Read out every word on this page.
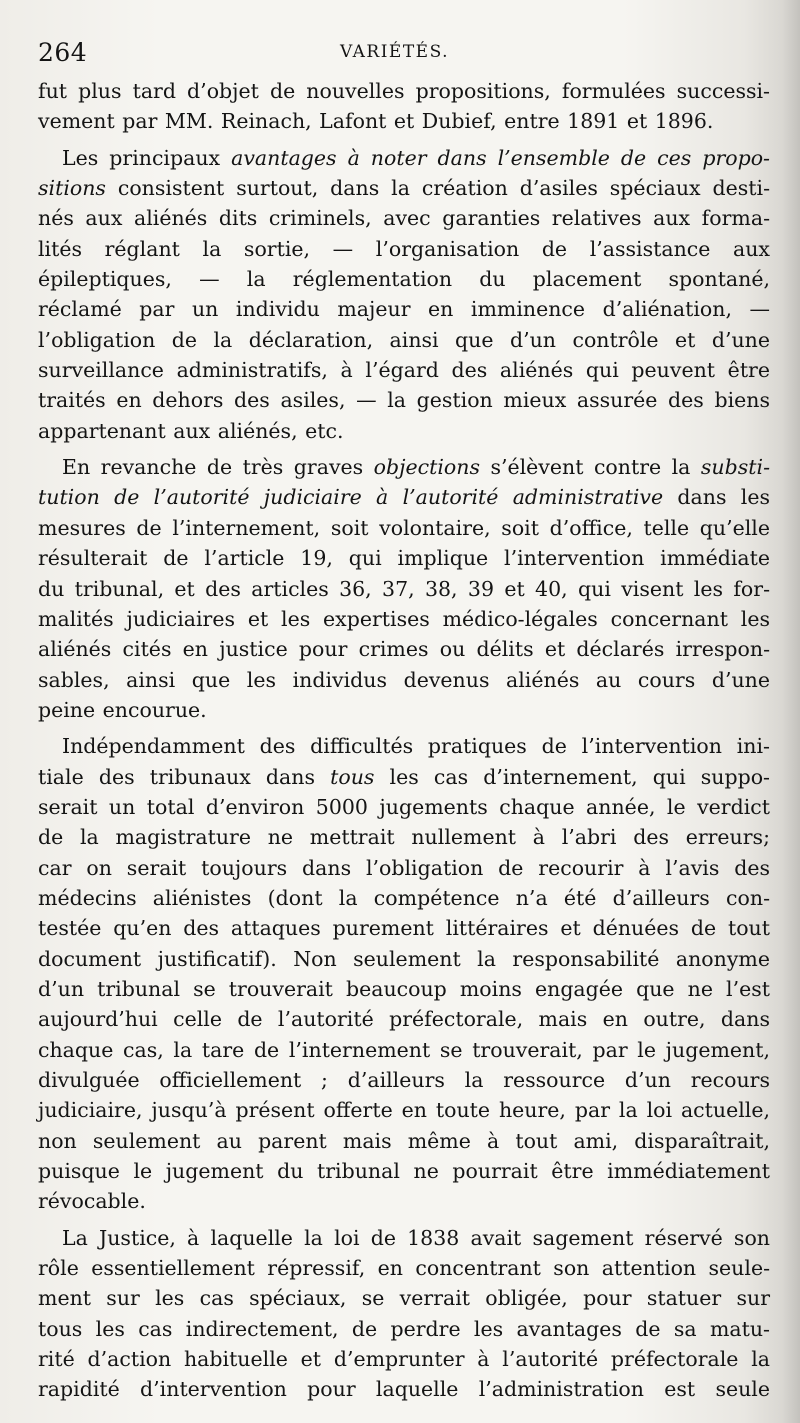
264	VARIÉTÉS.
fut plus tard d’objet de nouvelles propositions, formulées successi-
vement par MM. Reinach, Lafont et Dubief, entre 1891 et 1896.
Les principaux avantages à noter dans l’ensemble de ces propo-
sitions consistent surtout, dans la création d’asiles spéciaux desti-
nés aux aliénés dits criminels, avec garanties relatives aux forma-
lités réglant la sortie, — l’organisation de l’assistance aux
épileptiques, — la réglementation du placement spontané,
réclamé par un individu majeur en imminence d’aliénation, —
l’obligation de la déclaration, ainsi que d’un contrôle et d’une
surveillance administratifs, à l’égard des aliénés qui peuvent être
traités en dehors des asiles, — la gestion mieux assurée des biens
appartenant aux aliénés, etc.
En revanche de très graves objections s’élèvent contre la substi-
tution de l’autorité judiciaire à l’autorité administrative dans les
mesures de l’internement, soit volontaire, soit d’office, telle qu’elle
résulterait de l’article 19, qui implique l’intervention immédiate
du tribunal, et des articles 36, 37, 38, 39 et 40, qui visent les for-
malités judiciaires et les expertises médico-légales concernant les
aliénés cités en justice pour crimes ou délits et déclarés irrespon-
sables, ainsi que les individus devenus aliénés au cours d’une
peine encourue.
Indépendamment des difficultés pratiques de l’intervention ini-
tiale des tribunaux dans tous les cas d’internement, qui suppo-
serait un total d’environ 5000 jugements chaque année, le verdict
de la magistrature ne mettrait nullement à l’abri des erreurs;
car on serait toujours dans l’obligation de recourir à l’avis des
médecins aliénistes (dont la compétence n’a été d’ailleurs con-
testée qu’en des attaques purement littéraires et dénuées de tout
document justificatif). Non seulement la responsabilité anonyme
d’un tribunal se trouverait beaucoup moins engagée que ne l’est
aujourd’hui celle de l’autorité préfectorale, mais en outre, dans
chaque cas, la tare de l’internement se trouverait, par le jugement,
divulguée officiellement ; d’ailleurs la ressource d’un recours
judiciaire, jusqu’à présent offerte en toute heure, par la loi actuelle,
non seulement au parent mais même à tout ami, disparaîtrait,
puisque le jugement du tribunal ne pourrait être immédiatement
révocable.
La Justice, à laquelle la loi de 1838 avait sagement réservé son
rôle essentiellement répressif, en concentrant son attention seule-
ment sur les cas spéciaux, se verrait obligée, pour statuer sur
tous les cas indirectement, de perdre les avantages de sa matu-
rité d’action habituelle et d’emprunter à l’autorité préfectorale la
rapidité d’intervention pour laquelle l’administration est seule
